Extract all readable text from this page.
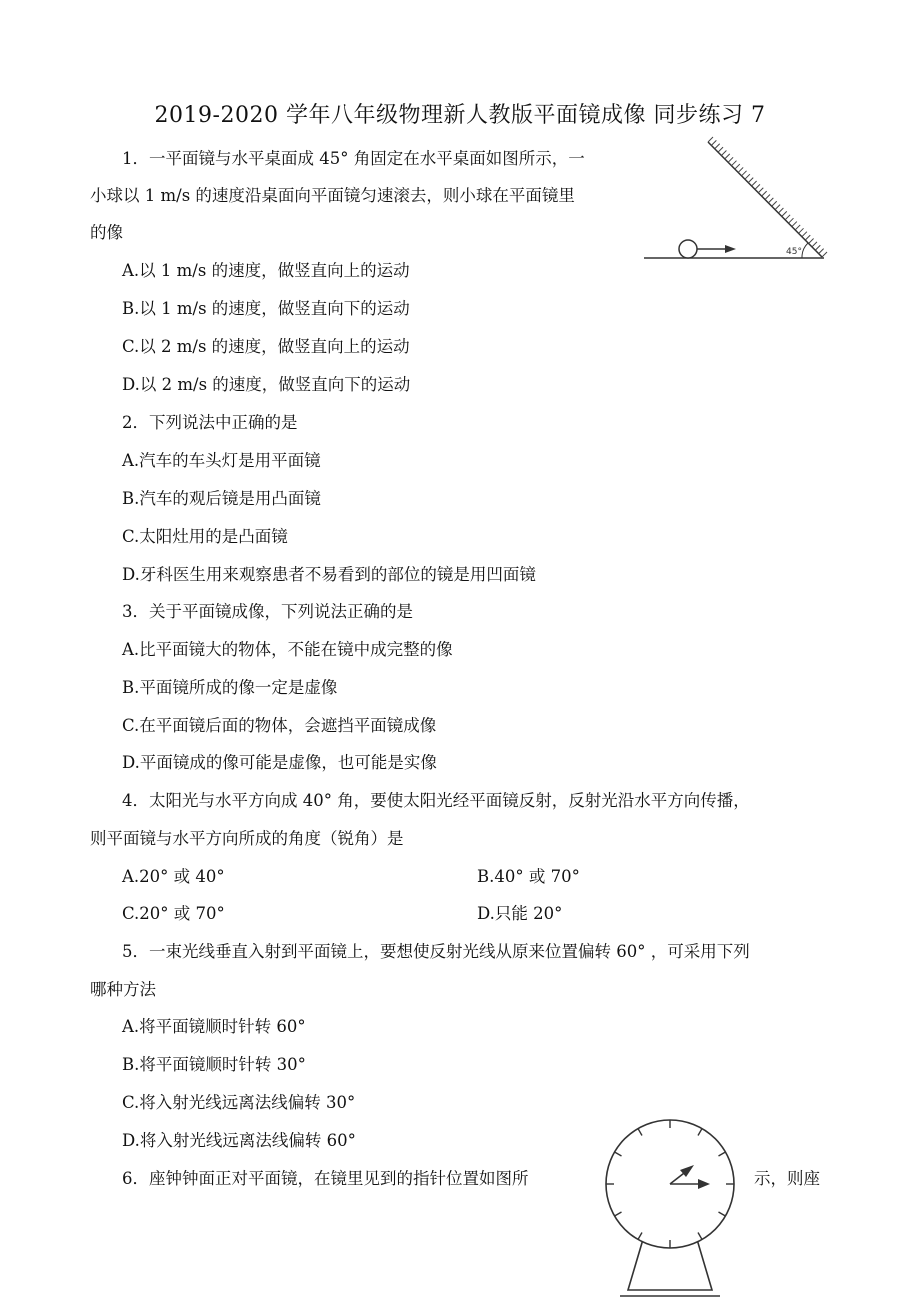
2019-2020 学年八年级物理新人教版平面镜成像 同步练习 7
1．一平面镜与水平桌面成 45° 角固定在水平桌面如图所示，一
小球以 1 m/s 的速度沿桌面向平面镜匀速滚去，则小球在平面镜里
的像
A.以 1 m/s 的速度，做竖直向上的运动
B.以 1 m/s 的速度，做竖直向下的运动
C.以 2 m/s 的速度，做竖直向上的运动
D.以 2 m/s 的速度，做竖直向下的运动
45°
2．下列说法中正确的是
A.汽车的车头灯是用平面镜
B.汽车的观后镜是用凸面镜
C.太阳灶用的是凸面镜
D.牙科医生用来观察患者不易看到的部位的镜是用凹面镜
3．关于平面镜成像，下列说法正确的是
A.比平面镜大的物体，不能在镜中成完整的像
B.平面镜所成的像一定是虚像
C.在平面镜后面的物体，会遮挡平面镜成像
D.平面镜成的像可能是虚像，也可能是实像
4．太阳光与水平方向成 40° 角，要使太阳光经平面镜反射，反射光沿水平方向传播，
则平面镜与水平方向所成的角度（锐角）是
A.20° 或 40°	B.40° 或 70°
C.20° 或 70°	D.只能 20°
5．一束光线垂直入射到平面镜上，要想使反射光线从原来位置偏转 60° ，可采用下列
哪种方法
A.将平面镜顺时针转 60°
B.将平面镜顺时针转 30°
C.将入射光线远离法线偏转 30°
D.将入射光线远离法线偏转 60°
6．座钟钟面正对平面镜，在镜里见到的指针位置如图所	示，则座
